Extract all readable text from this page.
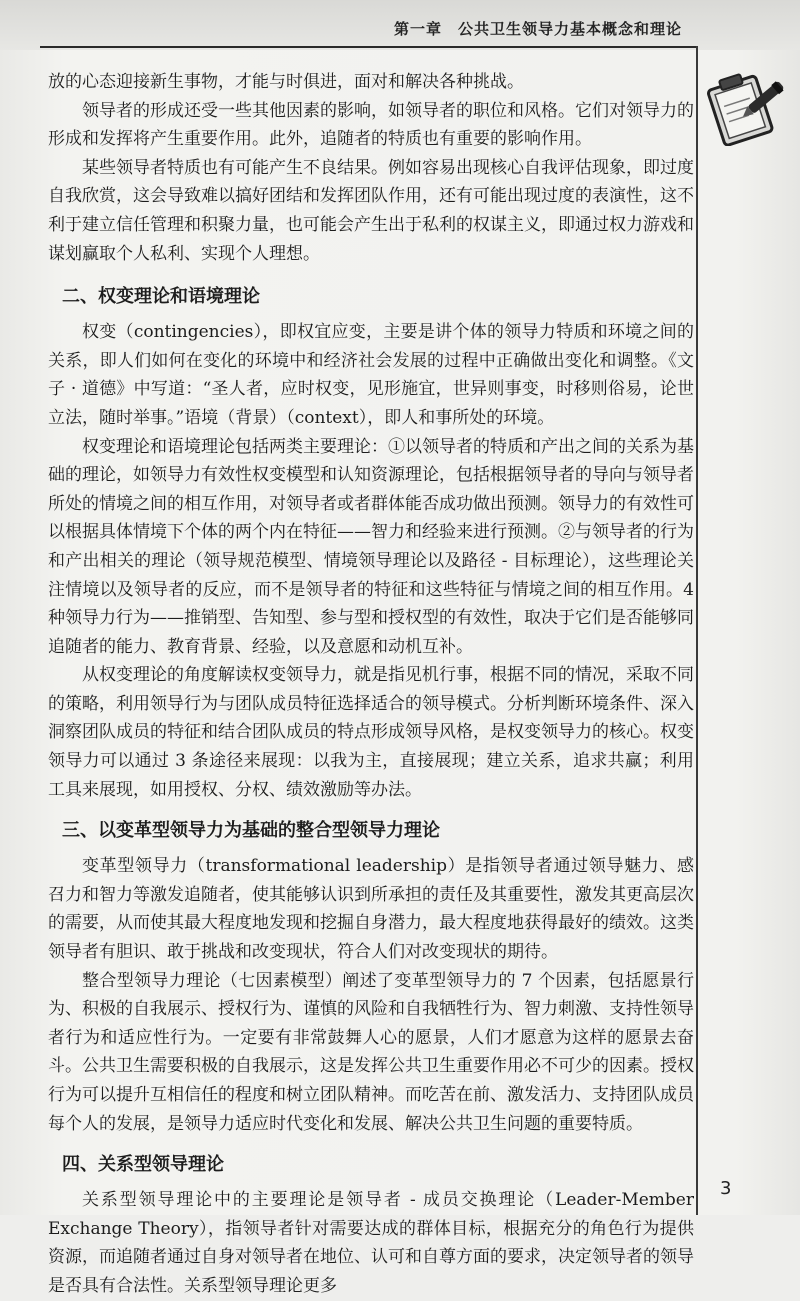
第一章　公共卫生领导力基本概念和理论

放的心态迎接新生事物，才能与时俱进，面对和解决各种挑战。

领导者的形成还受一些其他因素的影响，如领导者的职位和风格。它们对领导力的形成和发挥将产生重要作用。此外，追随者的特质也有重要的影响作用。

某些领导者特质也有可能产生不良结果。例如容易出现核心自我评估现象，即过度自我欣赏，这会导致难以搞好团结和发挥团队作用，还有可能出现过度的表演性，这不利于建立信任管理和积聚力量，也可能会产生出于私利的权谋主义，即通过权力游戏和谋划赢取个人私利、实现个人理想。

二、权变理论和语境理论

权变（contingencies），即权宜应变，主要是讲个体的领导力特质和环境之间的关系，即人们如何在变化的环境中和经济社会发展的过程中正确做出变化和调整。《文子 · 道德》中写道：“圣人者，应时权变，见形施宜，世异则事变，时移则俗易，论世立法，随时举事。”语境（背景）（context），即人和事所处的环境。

权变理论和语境理论包括两类主要理论：①以领导者的特质和产出之间的关系为基础的理论，如领导力有效性权变模型和认知资源理论，包括根据领导者的导向与领导者所处的情境之间的相互作用，对领导者或者群体能否成功做出预测。领导力的有效性可以根据具体情境下个体的两个内在特征——智力和经验来进行预测。②与领导者的行为和产出相关的理论（领导规范模型、情境领导理论以及路径 - 目标理论），这些理论关注情境以及领导者的反应，而不是领导者的特征和这些特征与情境之间的相互作用。4 种领导力行为——推销型、告知型、参与型和授权型的有效性，取决于它们是否能够同追随者的能力、教育背景、经验，以及意愿和动机互补。

从权变理论的角度解读权变领导力，就是指见机行事，根据不同的情况，采取不同的策略，利用领导行为与团队成员特征选择适合的领导模式。分析判断环境条件、深入洞察团队成员的特征和结合团队成员的特点形成领导风格，是权变领导力的核心。权变领导力可以通过 3 条途径来展现：以我为主，直接展现；建立关系，追求共赢；利用工具来展现，如用授权、分权、绩效激励等办法。

三、以变革型领导力为基础的整合型领导力理论

变革型领导力（transformational leadership）是指领导者通过领导魅力、感召力和智力等激发追随者，使其能够认识到所承担的责任及其重要性，激发其更高层次的需要，从而使其最大程度地发现和挖掘自身潜力，最大程度地获得最好的绩效。这类领导者有胆识、敢于挑战和改变现状，符合人们对改变现状的期待。

整合型领导力理论（七因素模型）阐述了变革型领导力的 7 个因素，包括愿景行为、积极的自我展示、授权行为、谨慎的风险和自我牺牲行为、智力刺激、支持性领导者行为和适应性行为。一定要有非常鼓舞人心的愿景，人们才愿意为这样的愿景去奋斗。公共卫生需要积极的自我展示，这是发挥公共卫生重要作用必不可少的因素。授权行为可以提升互相信任的程度和树立团队精神。而吃苦在前、激发活力、支持团队成员每个人的发展，是领导力适应时代变化和发展、解决公共卫生问题的重要特质。

四、关系型领导理论

关系型领导理论中的主要理论是领导者 - 成员交换理论（Leader-Member Exchange Theory），指领导者针对需要达成的群体目标，根据充分的角色行为提供资源，而追随者通过自身对领导者在地位、认可和自尊方面的要求，决定领导者的领导是否具有合法性。关系型领导理论更多

3
